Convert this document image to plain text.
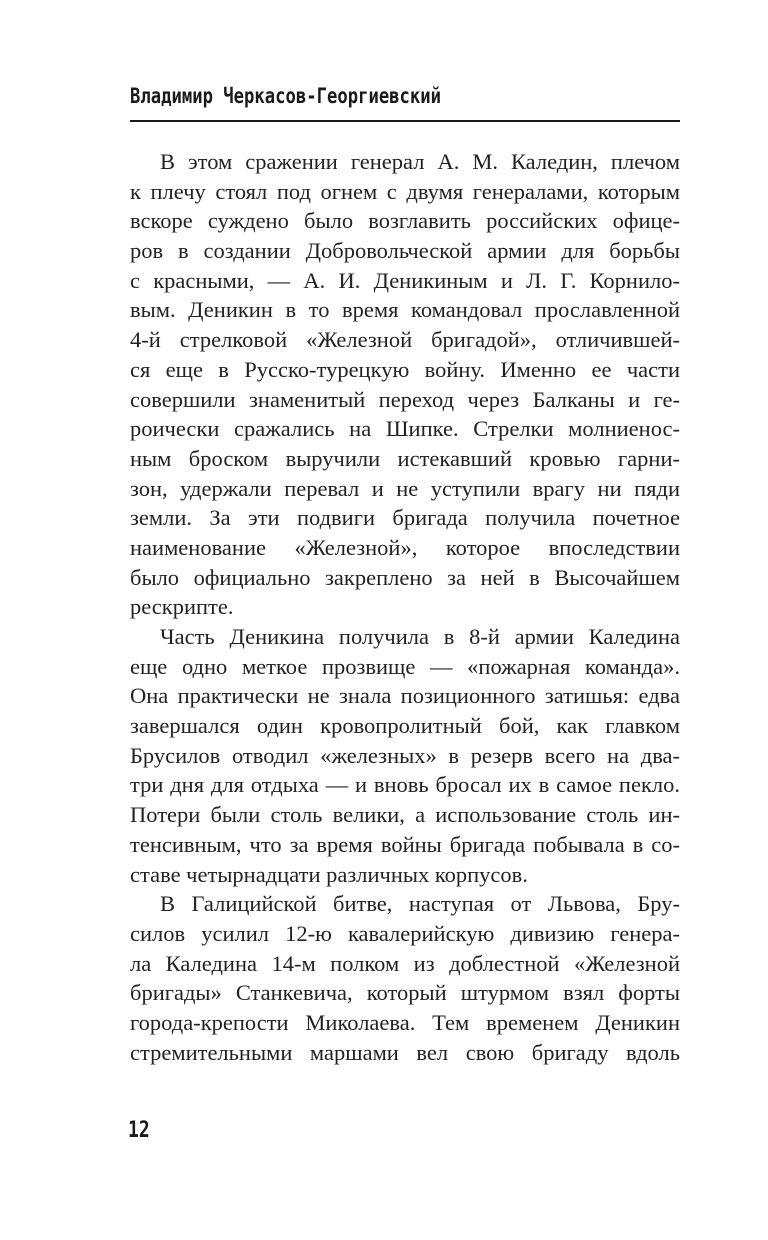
Владимир Черкасов-Георгиевский

В этом сражении генерал А. М. Каледин, плечом
к плечу стоял под огнем с двумя генералами, которым
вскоре суждено было возглавить российских офице-
ров в создании Добровольческой армии для борьбы
с красными, — А. И. Деникиным и Л. Г. Корнило-
вым. Деникин в то время командовал прославленной
4-й стрелковой «Железной бригадой», отличившей-
ся еще в Русско-турецкую войну. Именно ее части
совершили знаменитый переход через Балканы и ге-
роически сражались на Шипке. Стрелки молниенос-
ным броском выручили истекавший кровью гарни-
зон, удержали перевал и не уступили врагу ни пяди
земли. За эти подвиги бригада получила почетное
наименование «Железной», которое впоследствии
было официально закреплено за ней в Высочайшем
рескрипте.

Часть Деникина получила в 8-й армии Каледина
еще одно меткое прозвище — «пожарная команда».
Она практически не знала позиционного затишья: едва
завершался один кровопролитный бой, как главком
Брусилов отводил «железных» в резерв всего на два-
три дня для отдыха — и вновь бросал их в самое пекло.
Потери были столь велики, а использование столь ин-
тенсивным, что за время войны бригада побывала в со-
ставе четырнадцати различных корпусов.

В Галицийской битве, наступая от Львова, Бру-
силов усилил 12-ю кавалерийскую дивизию генера-
ла Каледина 14-м полком из доблестной «Железной
бригады» Станкевича, который штурмом взял форты
города-крепости Миколаева. Тем временем Деникин
стремительными маршами вел свою бригаду вдоль

12
